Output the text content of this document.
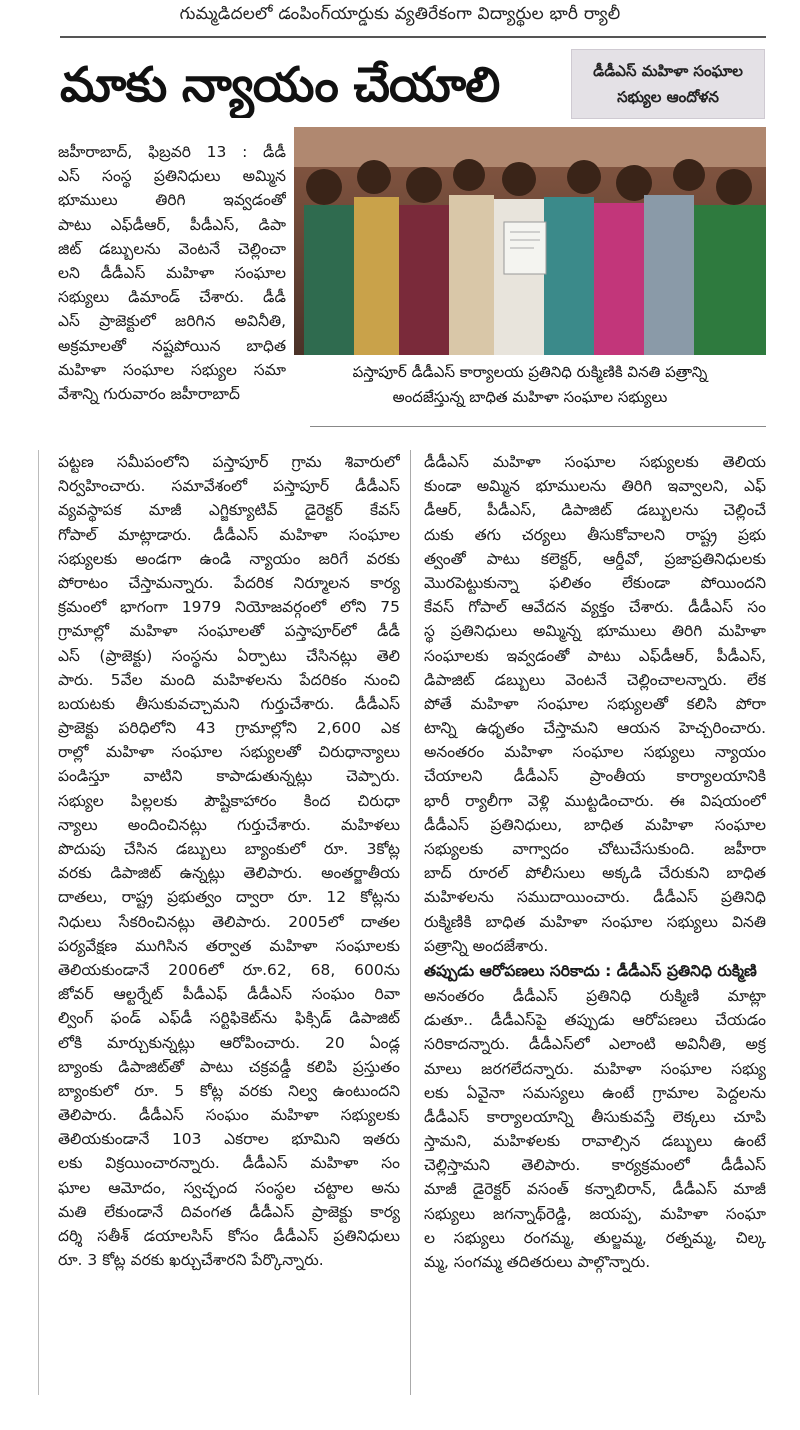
గుమ్మడిదలలో డంపింగ్‌యార్డుకు వ్యతిరేకంగా విద్యార్థుల భారీ ర్యాలీ
మాకు న్యాయం చేయాలి	డీడీఎస్ మహిళా సంఘాల
సభ్యుల ఆందోళన
పస్తాపూర్ డీడీఎస్ కార్యాలయ ప్రతినిధి రుక్మిణికి వినతి పత్రాన్ని
అందజేస్తున్న బాధిత మహిళా సంఘాల సభ్యులు
జహీరాబాద్, ఫిబ్రవరి 13 : డీడీ
ఎస్ సంస్థ ప్రతినిధులు అమ్మిన
భూములు తిరిగి ఇవ్వడంతో
పాటు ఎఫ్‌డీఆర్, పీడీఎస్, డిపా
జిట్ డబ్బులను వెంటనే చెల్లించా
లని డీడీఎస్ మహిళా సంఘాల
సభ్యులు డిమాండ్ చేశారు. డీడీ
ఎస్ ప్రాజెక్టులో జరిగిన అవినీతి,
అక్రమాలతో నష్టపోయిన బాధిత
మహిళా సంఘాల సభ్యుల సమా
వేశాన్ని గురువారం జహీరాబాద్
పట్టణ సమీపంలోని పస్తాపూర్ గ్రామ శివారులో
నిర్వహించారు. సమావేశంలో పస్తాపూర్ డీడీఎస్
వ్యవస్థాపక మాజీ ఎగ్జిక్యూటివ్ డైరెక్టర్ కేవస్
గోపాల్ మాట్లాడారు. డీడీఎస్ మహిళా సంఘాల
సభ్యులకు అండగా ఉండి న్యాయం జరిగే వరకు
పోరాటం చేస్తామన్నారు. పేదరిక నిర్మూలన కార్య
క్రమంలో భాగంగా 1979 నియోజవర్గంలో లోని 75
గ్రామాల్లో మహిళా సంఘాలతో పస్తాపూర్‌లో డీడీ
ఎస్ (ప్రాజెక్టు) సంస్థను ఏర్పాటు చేసినట్లు తెలి
పారు. 5వేల మంది మహిళలను పేదరికం నుంచి
బయటకు తీసుకువచ్చామని గుర్తుచేశారు. డీడీఎస్
ప్రాజెక్టు పరిధిలోని 43 గ్రామాల్లోని 2,600 ఎక
రాల్లో మహిళా సంఘాల సభ్యులతో చిరుధాన్యాలు
పండిస్తూ వాటిని కాపాడుతున్నట్లు చెప్పారు.
సభ్యుల పిల్లలకు పౌష్టికాహారం కింద చిరుధా
న్యాలు అందించినట్లు గుర్తుచేశారు. మహిళలు
పొదుపు చేసిన డబ్బులు బ్యాంకులో రూ. 3కోట్ల
వరకు డిపాజిట్ ఉన్నట్లు తెలిపారు. అంతర్జాతీయ
దాతలు, రాష్ట్ర ప్రభుత్వం ద్వారా రూ. 12 కోట్లను
నిధులు సేకరించినట్లు తెలిపారు. 2005లో దాతల
పర్యవేక్షణ ముగిసిన తర్వాత మహిళా సంఘాలకు
తెలియకుండానే 2006లో రూ.62, 68, 600ను
జోవర్ ఆల్టర్నేట్ పీడీఎఫ్ డీడీఎస్ సంఘం రివా
ల్వింగ్ ఫండ్ ఎఫ్‌డీ సర్టిఫికెట్‌ను ఫిక్సిడ్ డిపాజిట్
లోకి మార్చుకున్నట్లు ఆరోపించారు. 20 ఏండ్ల
బ్యాంకు డిపాజిట్‌తో పాటు చక్రవడ్డీ కలిపి ప్రస్తుతం
బ్యాంకులో రూ. 5 కోట్ల వరకు నిల్వ ఉంటుందని
తెలిపారు. డీడీఎస్ సంఘం మహిళా సభ్యులకు
తెలియకుండానే 103 ఎకరాల భూమిని ఇతరు
లకు విక్రయించారన్నారు. డీడీఎస్ మహిళా సం
ఘాల ఆమోదం, స్వచ్ఛంద సంస్థల చట్టాల అను
మతి లేకుండానే దివంగత డీడీఎస్ ప్రాజెక్టు కార్య
దర్శి సతీశ్ డయాలసిస్ కోసం డీడీఎస్ ప్రతినిధులు
రూ. 3 కోట్ల వరకు ఖర్చుచేశారని పేర్కొన్నారు.
డీడీఎస్ మహిళా సంఘాల సభ్యులకు తెలియ
కుండా అమ్మిన భూములను తిరిగి ఇవ్వాలని, ఎఫ్
డీఆర్, పీడీఎస్, డిపాజిట్ డబ్బులను చెల్లించే
దుకు తగు చర్యలు తీసుకోవాలని రాష్ట్ర ప్రభు
త్వంతో పాటు కలెక్టర్, ఆర్డీవో, ప్రజాప్రతినిధులకు
మొరపెట్టుకున్నా ఫలితం లేకుండా పోయిందని
కేవస్ గోపాల్ ఆవేదన వ్యక్తం చేశారు. డీడీఎస్ సం
స్థ ప్రతినిధులు అమ్మిన్న భూములు తిరిగి మహిళా
సంఘాలకు ఇవ్వడంతో పాటు ఎఫ్‌డీఆర్, పీడీఎస్,
డిపాజిట్ డబ్బులు వెంటనే చెల్లించాలన్నారు. లేక
పోతే మహిళా సంఘాల సభ్యులతో కలిసి పోరా
టాన్ని ఉధృతం చేస్తామని ఆయన హెచ్చరించారు.
అనంతరం మహిళా సంఘాల సభ్యులు న్యాయం
చేయాలని డీడీఎస్ ప్రాంతీయ కార్యాలయానికి
భారీ ర్యాలీగా వెళ్లి ముట్టడించారు. ఈ విషయంలో
డీడీఎస్ ప్రతినిధులు, బాధిత మహిళా సంఘాల
సభ్యులకు వాగ్వాదం చోటుచేసుకుంది. జహీరా
బాద్ రూరల్ పోలీసులు అక్కడి చేరుకుని బాధిత
మహిళలను సముదాయించారు. డీడీఎస్ ప్రతినిధి
రుక్మిణికి బాధిత మహిళా సంఘాల సభ్యులు వినతి
పత్రాన్ని అందజేశారు.
తప్పుడు ఆరోపణలు సరికాదు : డీడీఎస్ ప్రతినిధి రుక్మిణి
అనంతరం డీడీఎస్ ప్రతినిధి రుక్మిణి మాట్లా
డుతూ.. డీడీఎస్‌పై తప్పుడు ఆరోపణలు చేయడం
సరికాదన్నారు. డీడీఎస్‌లో ఎలాంటి అవినీతి, అక్ర
మాలు జరగలేదన్నారు. మహిళా సంఘాల సభ్యు
లకు ఏవైనా సమస్యలు ఉంటే గ్రామాల పెద్దలను
డీడీఎస్ కార్యాలయాన్ని తీసుకువస్తే లెక్కలు చూపి
స్తామని, మహిళలకు రావాల్సిన డబ్బులు ఉంటే
చెల్లిస్తామని తెలిపారు. కార్యక్రమంలో డీడీఎస్
మాజీ డైరెక్టర్ వసంత్ కన్నాబిరాన్, డీడీఎస్ మాజీ
సభ్యులు జగన్నాథ్‌రెడ్డి, జయప్ప, మహిళా సంఘా
ల సభ్యులు రంగమ్మ, తుల్జమ్మ, రత్నమ్మ, చిల్క
మ్మ, సంగమ్మ తదితరులు పాల్గొన్నారు.
